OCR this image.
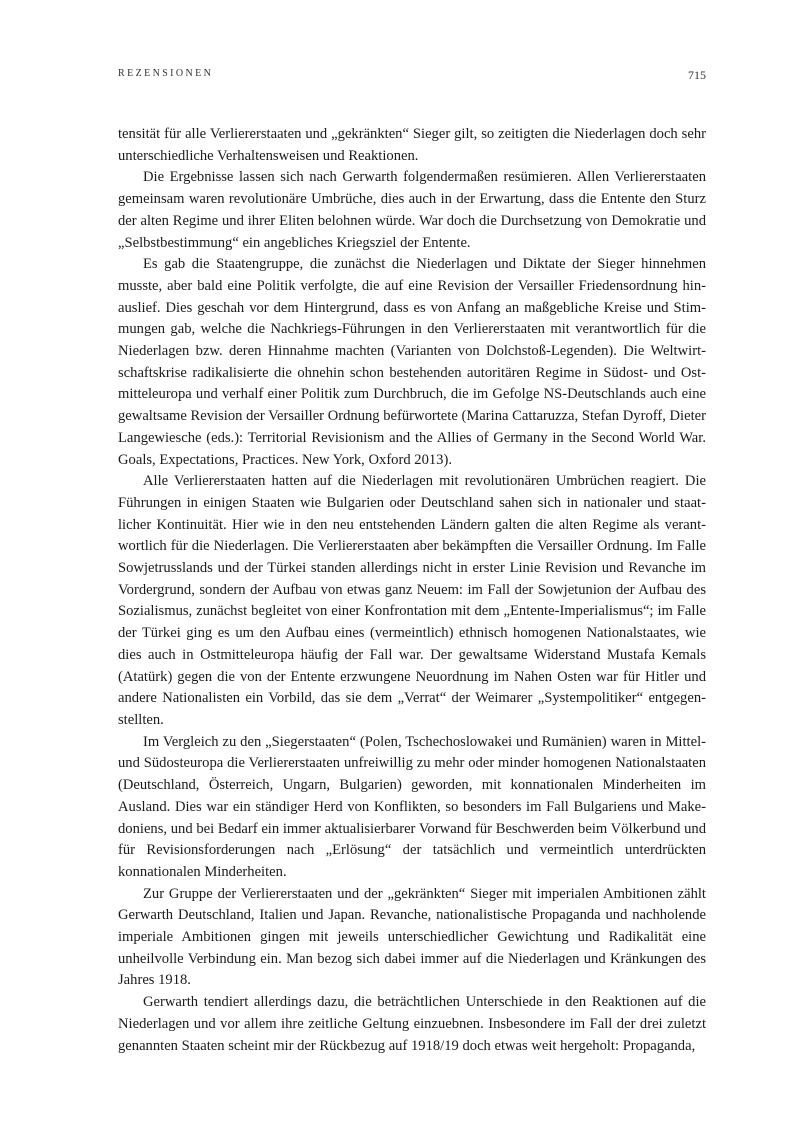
REZENSIONEN	715

tensität für alle Verliererstaaten und „gekränkten“ Sieger gilt, so zeitigten die Niederlagen doch sehr unterschiedliche Verhaltensweisen und Reaktionen.

Die Ergebnisse lassen sich nach Gerwarth folgendermaßen resümieren. Allen Verliererstaaten gemeinsam waren revolutionäre Umbrüche, dies auch in der Erwartung, dass die Entente den Sturz der alten Regime und ihrer Eliten belohnen würde. War doch die Durchsetzung von Demokratie und „Selbstbestimmung“ ein angebliches Kriegsziel der Entente.

Es gab die Staatengruppe, die zunächst die Niederlagen und Diktate der Sieger hinnehmen musste, aber bald eine Politik verfolgte, die auf eine Revision der Versailler Friedensordnung hinauslief. Dies geschah vor dem Hintergrund, dass es von Anfang an maßgebliche Kreise und Stimmungen gab, welche die Nachkriegs-Führungen in den Verliererstaaten mit verantwortlich für die Niederlagen bzw. deren Hinnahme machten (Varianten von Dolchstoß-Legenden). Die Weltwirtschaftskrise radikalisierte die ohnehin schon bestehenden autoritären Regime in Südost- und Ostmitteleuropa und verhalf einer Politik zum Durchbruch, die im Gefolge NS-Deutschlands auch eine gewaltsame Revision der Versailler Ordnung befürwortete (Marina Cattaruzza, Stefan Dyroff, Dieter Langewiesche (eds.): Territorial Revisionism and the Allies of Germany in the Second World War. Goals, Expectations, Practices. New York, Oxford 2013).

Alle Verliererstaaten hatten auf die Niederlagen mit revolutionären Umbrüchen reagiert. Die Führungen in einigen Staaten wie Bulgarien oder Deutschland sahen sich in nationaler und staatlicher Kontinuität. Hier wie in den neu entstehenden Ländern galten die alten Regime als verantwortlich für die Niederlagen. Die Verliererstaaten aber bekämpften die Versailler Ordnung. Im Falle Sowjetrusslands und der Türkei standen allerdings nicht in erster Linie Revision und Revanche im Vordergrund, sondern der Aufbau von etwas ganz Neuem: im Fall der Sowjetunion der Aufbau des Sozialismus, zunächst begleitet von einer Konfrontation mit dem „Entente-Imperialismus“; im Falle der Türkei ging es um den Aufbau eines (vermeintlich) ethnisch homogenen Nationalstaates, wie dies auch in Ostmitteleuropa häufig der Fall war. Der gewaltsame Widerstand Mustafa Kemals (Atatürk) gegen die von der Entente erzwungene Neuordnung im Nahen Osten war für Hitler und andere Nationalisten ein Vorbild, das sie dem „Verrat“ der Weimarer „Systempolitiker“ entgegenstellten.

Im Vergleich zu den „Siegerstaaten“ (Polen, Tschechoslowakei und Rumänien) waren in Mittel- und Südosteuropa die Verliererstaaten unfreiwillig zu mehr oder minder homogenen Nationalstaaten (Deutschland, Österreich, Ungarn, Bulgarien) geworden, mit konnationalen Minderheiten im Ausland. Dies war ein ständiger Herd von Konflikten, so besonders im Fall Bulgariens und Makedoniens, und bei Bedarf ein immer aktualisierbarer Vorwand für Beschwerden beim Völkerbund und für Revisionsforderungen nach „Erlösung“ der tatsächlich und vermeintlich unterdrückten konnationalen Minderheiten.

Zur Gruppe der Verliererstaaten und der „gekränkten“ Sieger mit imperialen Ambitionen zählt Gerwarth Deutschland, Italien und Japan. Revanche, nationalistische Propaganda und nachholende imperiale Ambitionen gingen mit jeweils unterschiedlicher Gewichtung und Radikalität eine unheilvolle Verbindung ein. Man bezog sich dabei immer auf die Niederlagen und Kränkungen des Jahres 1918.

Gerwarth tendiert allerdings dazu, die beträchtlichen Unterschiede in den Reaktionen auf die Niederlagen und vor allem ihre zeitliche Geltung einzuebnen. Insbesondere im Fall der drei zuletzt genannten Staaten scheint mir der Rückbezug auf 1918/19 doch etwas weit hergeholt: Propaganda,
